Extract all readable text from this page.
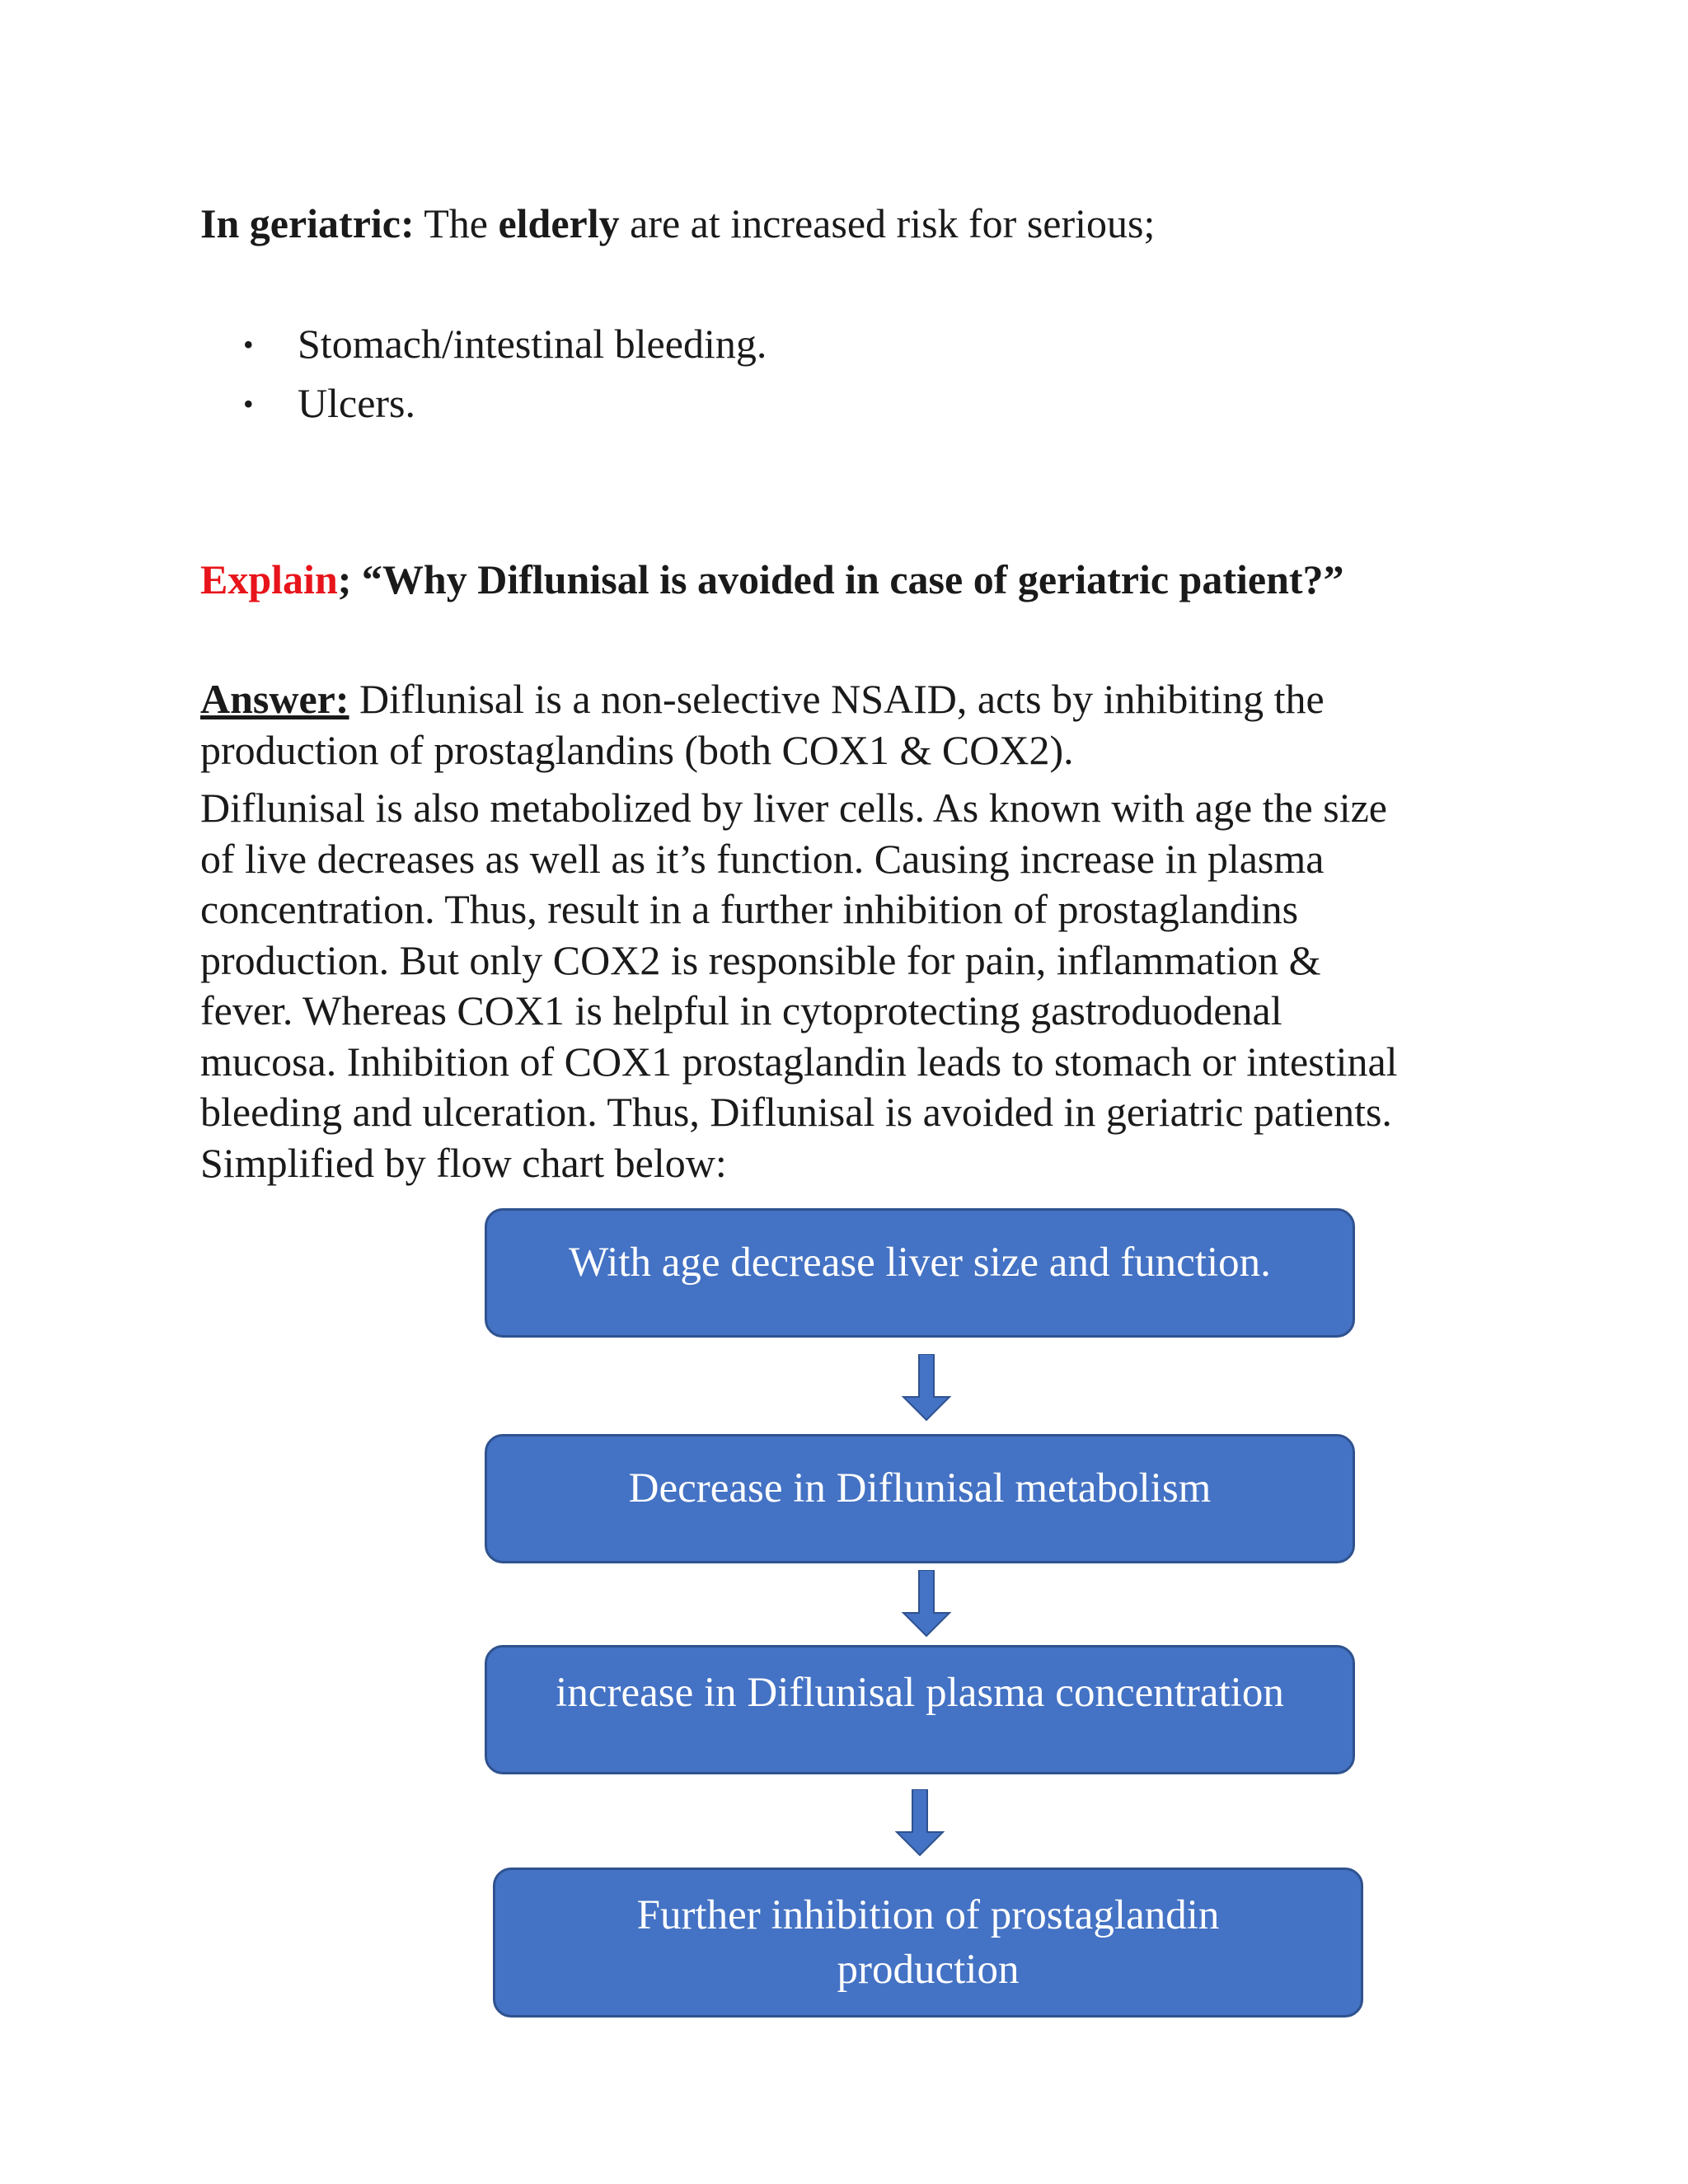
In geriatric: The elderly are at increased risk for serious;
• Stomach/intestinal bleeding.
• Ulcers.
Explain; “Why Diflunisal is avoided in case of geriatric patient?”
Answer: Diflunisal is a non-selective NSAID, acts by inhibiting the
production of prostaglandins (both COX1 & COX2).
Diflunisal is also metabolized by liver cells. As known with age the size
of live decreases as well as it’s function. Causing increase in plasma
concentration. Thus, result in a further inhibition of prostaglandins
production. But only COX2 is responsible for pain, inflammation &
fever. Whereas COX1 is helpful in cytoprotecting gastroduodenal
mucosa. Inhibition of COX1 prostaglandin leads to stomach or intestinal
bleeding and ulceration. Thus, Diflunisal is avoided in geriatric patients.
Simplified by flow chart below:
With age decrease liver size and function.
Decrease in Diflunisal metabolism
increase in Diflunisal plasma concentration
Further inhibition of prostaglandin
production
